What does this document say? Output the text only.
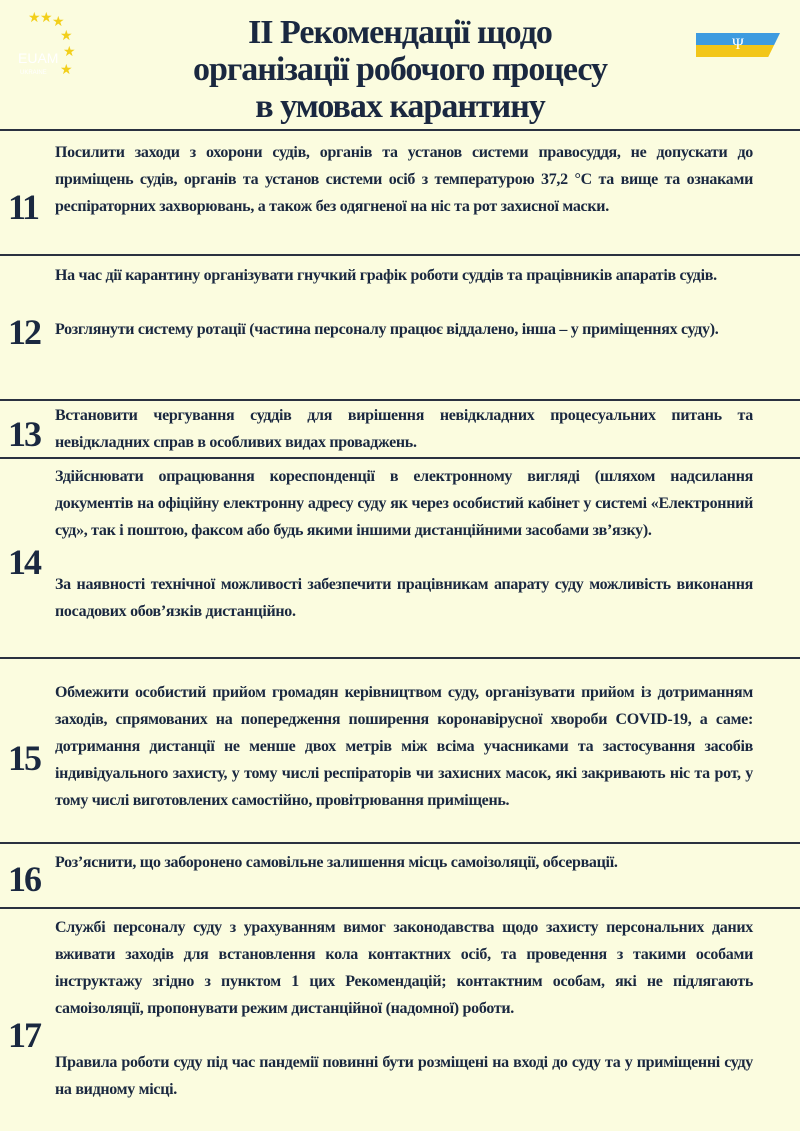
★ ★ ★
★
★
★
EUAM
UKRAINE
ІІ Рекомендації щодо
організації робочого процесу
в умовах карантину
Ψ
11

Посилити заходи з охорони судів, органів та установ системи правосуддя, не допускати до приміщень судів, органів та установ системи осіб з температурою 37,2 °С та вище та ознаками респіраторних захворювань, а також без одягненої на ніс та рот захисної маски.

12

На час дії карантину організувати гнучкий графік роботи суддів та працівників апаратів судів.

Розглянути систему ротації (частина персоналу працює віддалено, інша – у приміщеннях суду).

13 Встановити чергування суддів для вирішення невідкладних процесуальних питань та невідкладних справ в особливих видах проваджень.

14

Здійснювати опрацювання кореспонденції в електронному вигляді (шляхом надсилання документів на офіційну електронну адресу суду як через особистий кабінет у системі «Електронний суд», так і поштою, факсом або будь якими іншими дистанційними засобами зв’язку).

За наявності технічної можливості забезпечити працівникам апарату суду можливість виконання посадових обов’язків дистанційно.

15

Обмежити особистий прийом громадян керівництвом суду, організувати прийом із дотриманням заходів, спрямованих на попередження поширення коронавірусної хвороби COVID-19, а саме: дотримання дистанції не менше двох метрів між всіма учасниками та застосування засобів індивідуального захисту, у тому числі респіраторів чи захисних масок, які закривають ніс та рот, у тому числі виготовлених самостійно, провітрювання приміщень.

16 Роз’яснити, що заборонено самовільне залишення місць самоізоляції, обсервації.

17

Службі персоналу суду з урахуванням вимог законодавства щодо захисту персональних даних вживати заходів для встановлення кола контактних осіб, та проведення з такими особами інструктажу згідно з пунктом 1 цих Рекомендацій; контактним особам, які не підлягають самоізоляції, пропонувати режим дистанційної (надомної) роботи.

Правила роботи суду під час пандемії повинні бути розміщені на вході до суду та у приміщенні суду на видному місці.
